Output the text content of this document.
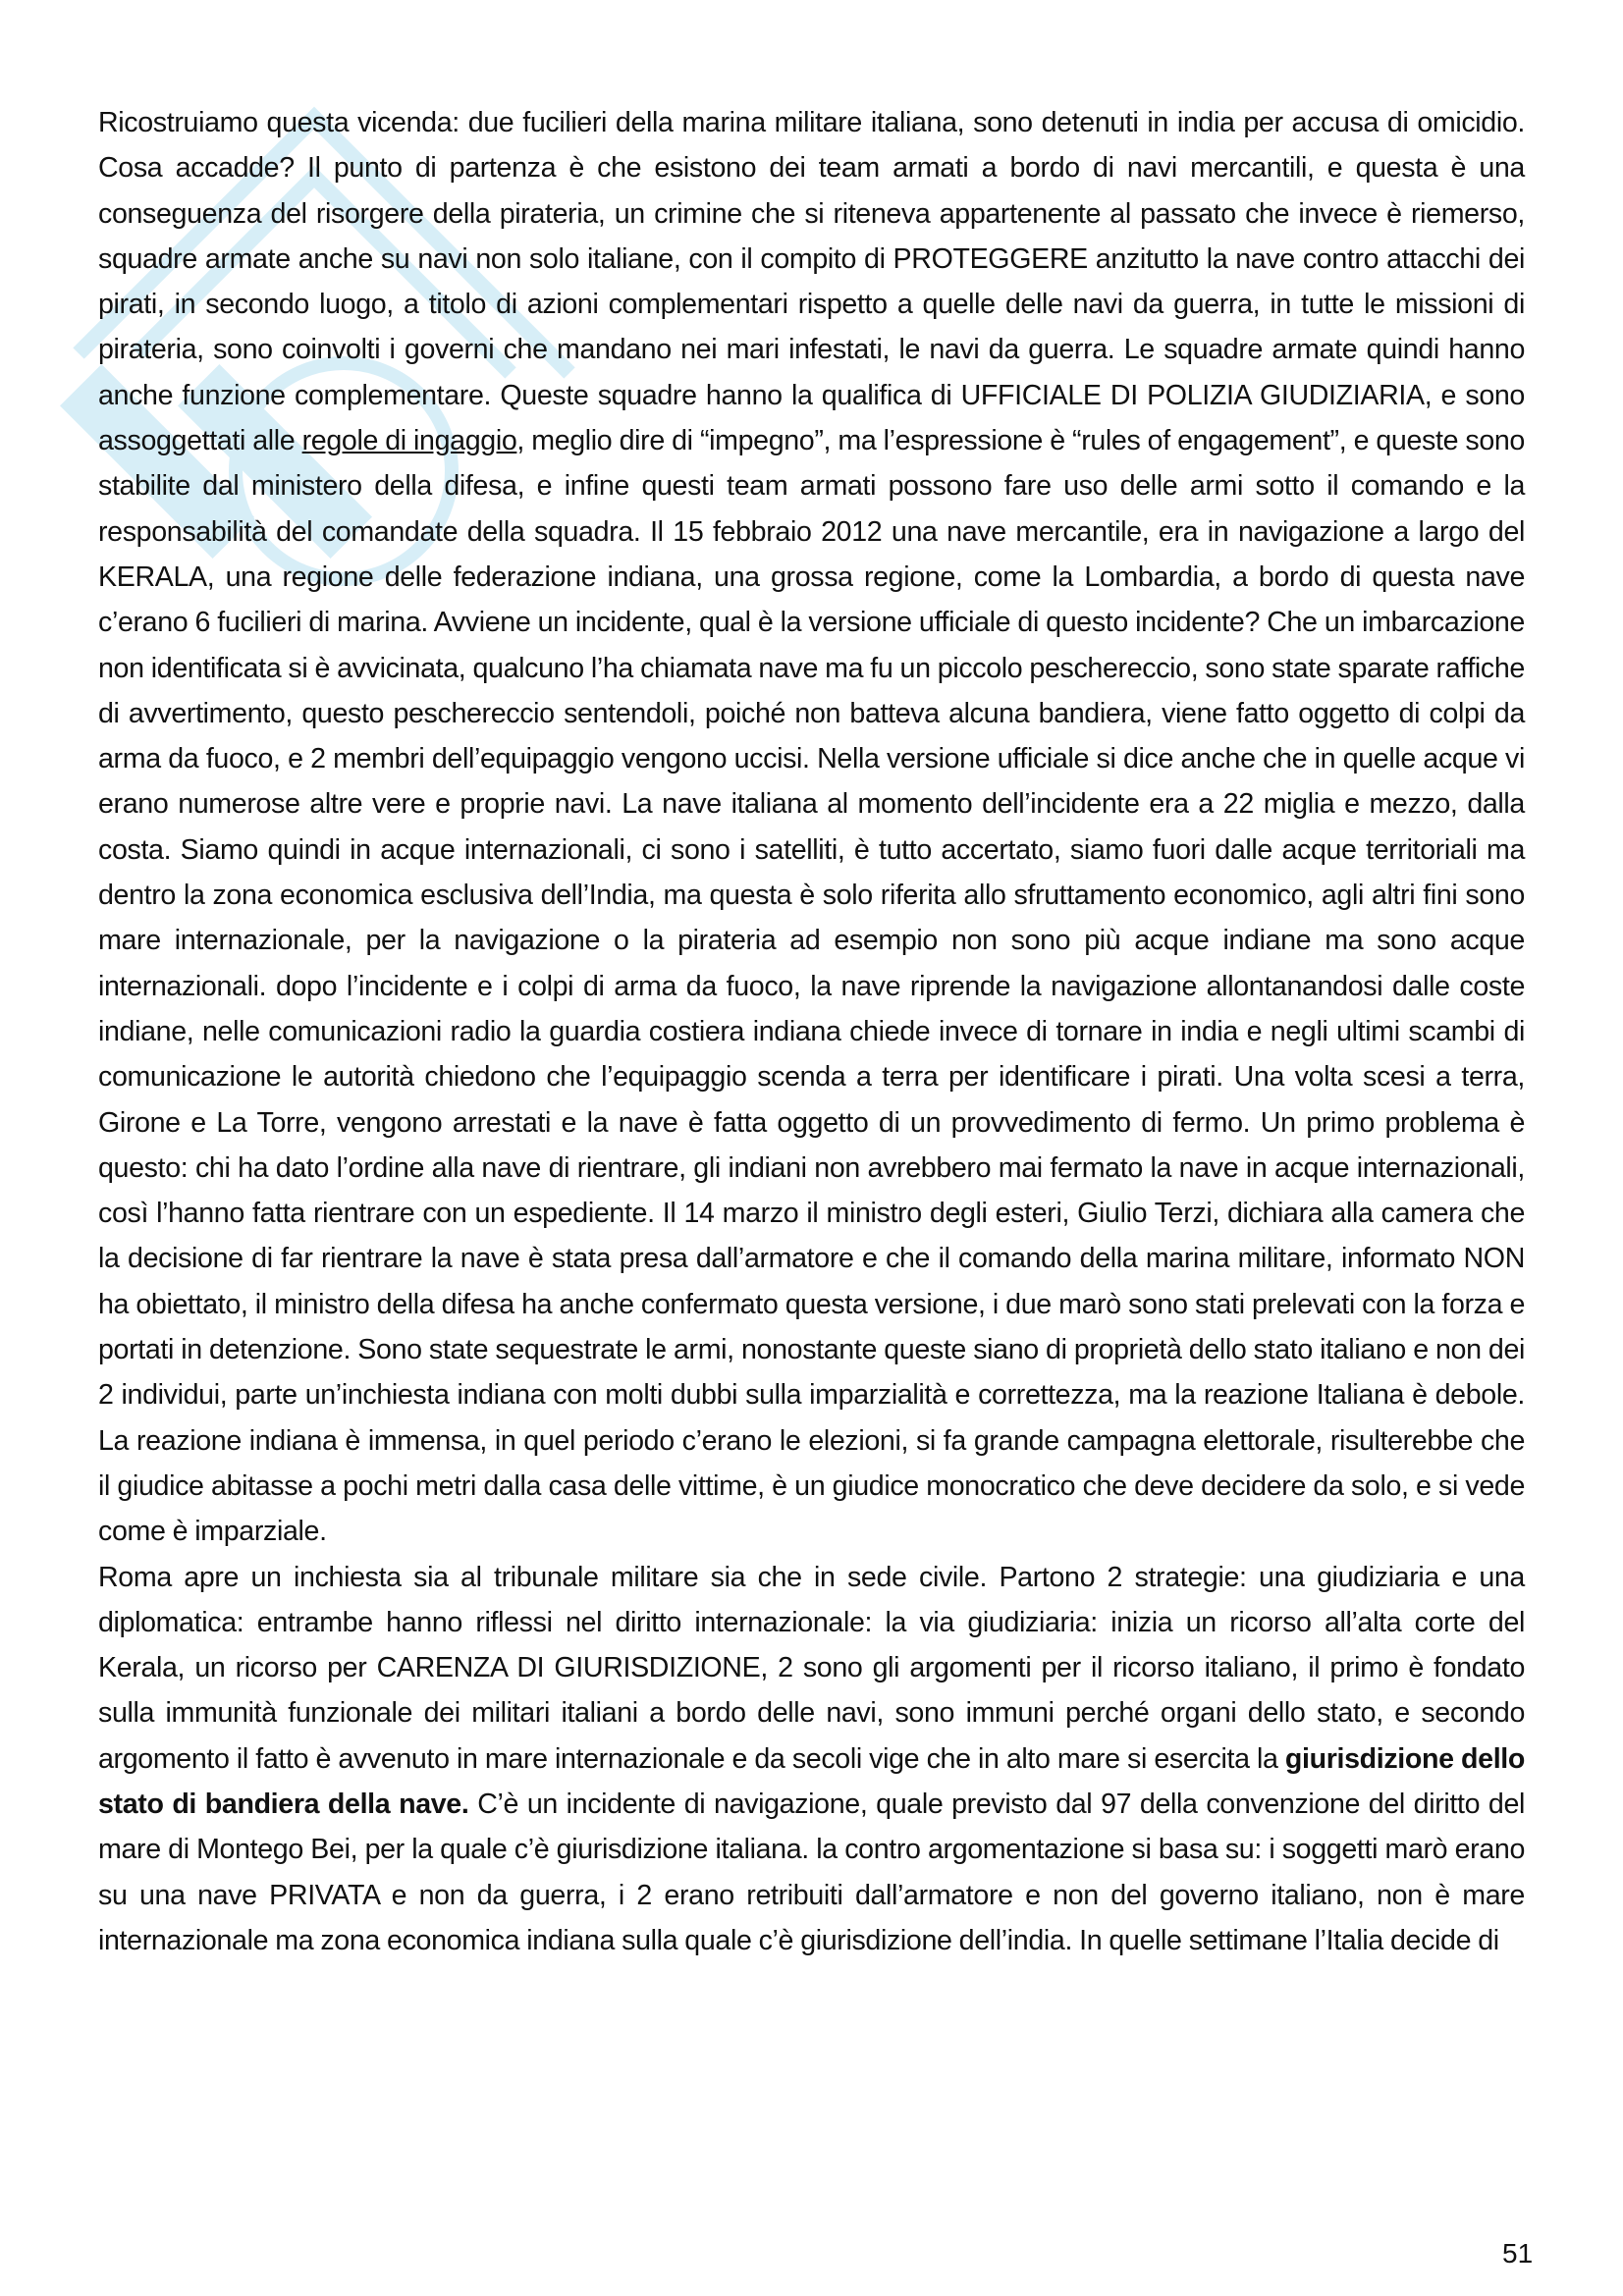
Ricostruiamo questa vicenda: due fucilieri della marina militare italiana, sono detenuti in india per accusa di omicidio. Cosa accadde? Il punto di partenza è che esistono dei team armati a bordo di navi mercantili, e questa è una conseguenza del risorgere della pirateria, un crimine che si riteneva appartenente al passato che invece è riemerso, squadre armate anche su navi non solo italiane, con il compito di PROTEGGERE anzitutto la nave contro attacchi dei pirati, in secondo luogo, a titolo di azioni complementari rispetto a quelle delle navi da guerra, in tutte le missioni di pirateria, sono coinvolti i governi che mandano nei mari infestati, le navi da guerra. Le squadre armate quindi hanno anche funzione complementare. Queste squadre hanno la qualifica di UFFICIALE DI POLIZIA GIUDIZIARIA, e sono assoggettati alle regole di ingaggio, meglio dire di “impegno”, ma l’espressione è “rules of engagement”, e queste sono stabilite dal ministero della difesa, e infine questi team armati possono fare uso delle armi sotto il comando e la responsabilità del comandate della squadra. Il 15 febbraio 2012 una nave mercantile, era in navigazione a largo del KERALA, una regione delle federazione indiana, una grossa regione, come la Lombardia, a bordo di questa nave c’erano 6 fucilieri di marina. Avviene un incidente, qual è la versione ufficiale di questo incidente? Che un imbarcazione non identificata si è avvicinata, qualcuno l’ha chiamata nave ma fu un piccolo peschereccio, sono state sparate raffiche di avvertimento, questo peschereccio sentendoli, poiché non batteva alcuna bandiera, viene fatto oggetto di colpi da arma da fuoco, e 2 membri dell’equipaggio vengono uccisi. Nella versione ufficiale si dice anche che in quelle acque vi erano numerose altre vere e proprie navi. La nave italiana al momento dell’incidente era a 22 miglia e mezzo, dalla costa. Siamo quindi in acque internazionali, ci sono i satelliti, è tutto accertato, siamo fuori dalle acque territoriali ma dentro la zona economica esclusiva dell’India, ma questa è solo riferita allo sfruttamento economico, agli altri fini sono mare internazionale, per la navigazione o la pirateria ad esempio non sono più acque indiane ma sono acque internazionali. dopo l’incidente e i colpi di arma da fuoco, la nave riprende la navigazione allontanandosi dalle coste indiane, nelle comunicazioni radio la guardia costiera indiana chiede invece di tornare in india e negli ultimi scambi di comunicazione le autorità chiedono che l’equipaggio scenda a terra per identificare i pirati. Una volta scesi a terra, Girone e La Torre, vengono arrestati e la nave è fatta oggetto di un provvedimento di fermo. Un primo problema è questo: chi ha dato l’ordine alla nave di rientrare, gli indiani non avrebbero mai fermato la nave in acque internazionali, così l’hanno fatta rientrare con un espediente. Il 14 marzo il ministro degli esteri, Giulio Terzi, dichiara alla camera che la decisione di far rientrare la nave è stata presa dall’armatore e che il comando della marina militare, informato NON ha obiettato, il ministro della difesa ha anche confermato questa versione, i due marò sono stati prelevati con la forza e portati in detenzione. Sono state sequestrate le armi, nonostante queste siano di proprietà dello stato italiano e non dei 2 individui, parte un’inchiesta indiana con molti dubbi sulla imparzialità e correttezza, ma la reazione Italiana è debole. La reazione indiana è immensa, in quel periodo c’erano le elezioni, si fa grande campagna elettorale, risulterebbe che il giudice abitasse a pochi metri dalla casa delle vittime, è un giudice monocratico che deve decidere da solo, e si vede come è imparziale.

Roma apre un inchiesta sia al tribunale militare sia che in sede civile. Partono 2 strategie: una giudiziaria e una diplomatica: entrambe hanno riflessi nel diritto internazionale: la via giudiziaria: inizia un ricorso all’alta corte del Kerala, un ricorso per CARENZA DI GIURISDIZIONE, 2 sono gli argomenti per il ricorso italiano, il primo è fondato sulla immunità funzionale dei militari italiani a bordo delle navi, sono immuni perché organi dello stato, e secondo argomento il fatto è avvenuto in mare internazionale e da secoli vige che in alto mare si esercita la giurisdizione dello stato di bandiera della nave. C’è un incidente di navigazione, quale previsto dal 97 della convenzione del diritto del mare di Montego Bei, per la quale c’è giurisdizione italiana. la contro argomentazione si basa su: i soggetti marò erano su una nave PRIVATA e non da guerra, i 2 erano retribuiti dall’armatore e non del governo italiano, non è mare internazionale ma zona economica indiana sulla quale c’è giurisdizione dell’india. In quelle settimane l’Italia decide di

51
